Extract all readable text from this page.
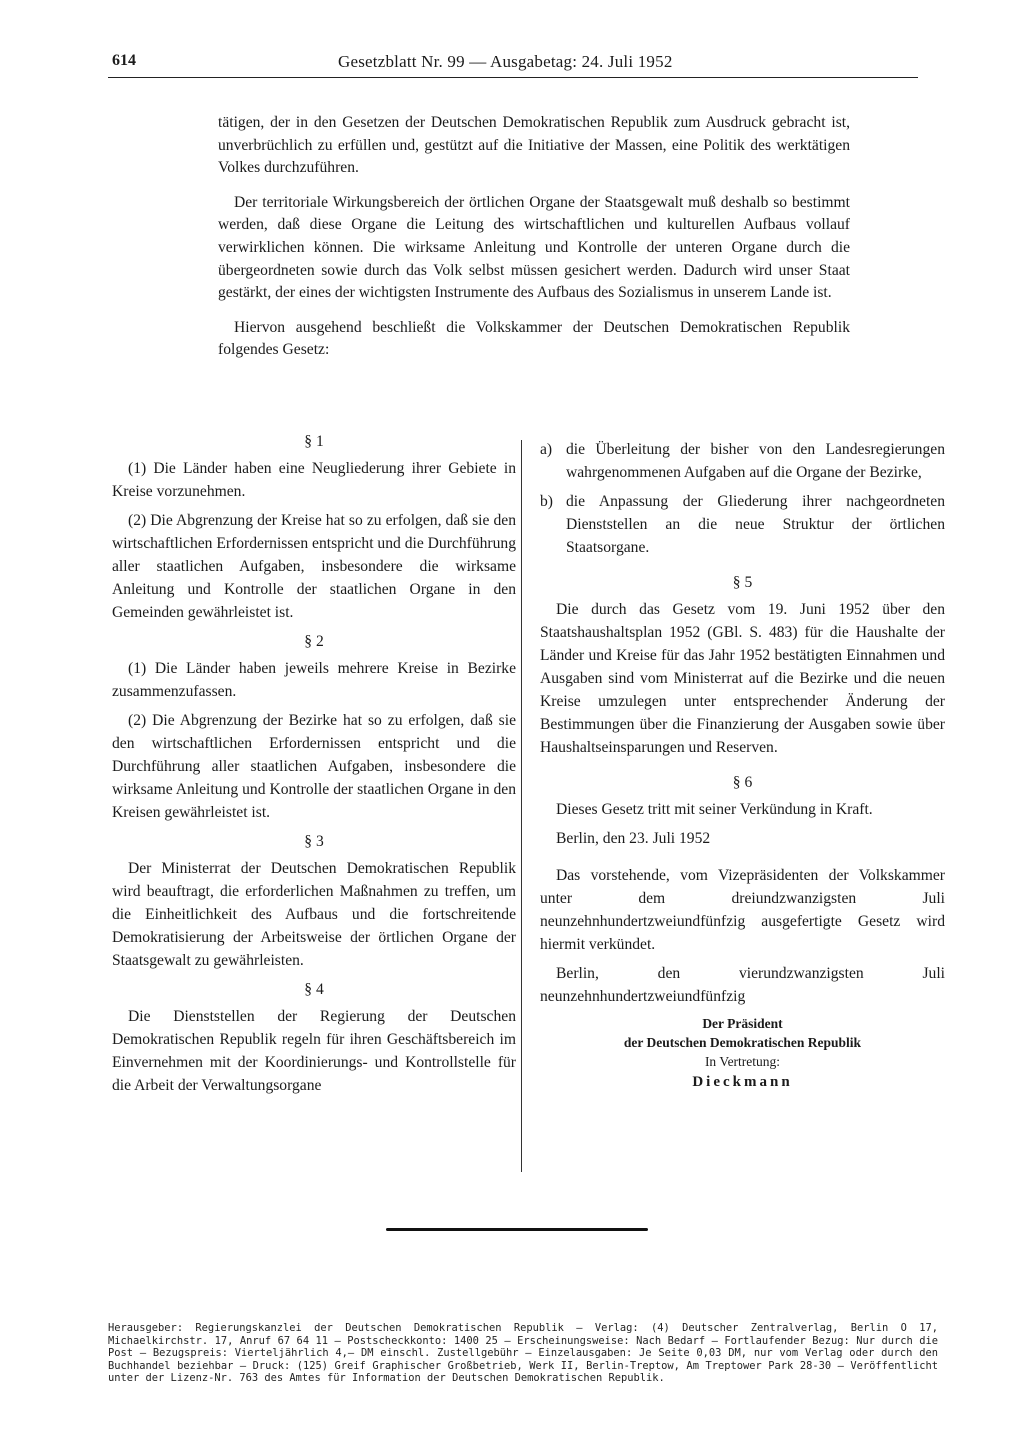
614	Gesetzblatt Nr. 99 — Ausgabetag: 24. Juli 1952

tätigen, der in den Gesetzen der Deutschen Demokratischen Republik zum Ausdruck gebracht ist, unverbrüchlich zu erfüllen und, gestützt auf die Initiative der Massen, eine Politik des werktätigen Volkes durchzuführen.

Der territoriale Wirkungsbereich der örtlichen Organe der Staatsgewalt muß deshalb so bestimmt werden, daß diese Organe die Leitung des wirtschaftlichen und kulturellen Aufbaus vollauf verwirklichen können. Die wirksame Anleitung und Kontrolle der unteren Organe durch die übergeordneten sowie durch das Volk selbst müssen gesichert werden. Dadurch wird unser Staat gestärkt, der eines der wichtigsten Instrumente des Aufbaus des Sozialismus in unserem Lande ist.

Hiervon ausgehend beschließt die Volkskammer der Deutschen Demokratischen Republik folgendes Gesetz:

§ 1

(1) Die Länder haben eine Neugliederung ihrer Gebiete in Kreise vorzunehmen.

(2) Die Abgrenzung der Kreise hat so zu erfolgen, daß sie den wirtschaftlichen Erfordernissen entspricht und die Durchführung aller staatlichen Aufgaben, insbesondere die wirksame Anleitung und Kontrolle der staatlichen Organe in den Gemeinden gewährleistet ist.

§ 2

(1) Die Länder haben jeweils mehrere Kreise in Bezirke zusammenzufassen.

(2) Die Abgrenzung der Bezirke hat so zu erfolgen, daß sie den wirtschaftlichen Erfordernissen entspricht und die Durchführung aller staatlichen Aufgaben, insbesondere die wirksame Anleitung und Kontrolle der staatlichen Organe in den Kreisen gewährleistet ist.

§ 3

Der Ministerrat der Deutschen Demokratischen Republik wird beauftragt, die erforderlichen Maßnahmen zu treffen, um die Einheitlichkeit des Aufbaus und die fortschreitende Demokratisierung der Arbeitsweise der örtlichen Organe der Staatsgewalt zu gewährleisten.

§ 4

Die Dienststellen der Regierung der Deutschen Demokratischen Republik regeln für ihren Geschäftsbereich im Einvernehmen mit der Koordinierungs- und Kontrollstelle für die Arbeit der Verwaltungsorgane

a) die Überleitung der bisher von den Landesregierungen wahrgenommenen Aufgaben auf die Organe der Bezirke,
b) die Anpassung der Gliederung ihrer nachgeordneten Dienststellen an die neue Struktur der örtlichen Staatsorgane.
§ 5

Die durch das Gesetz vom 19. Juni 1952 über den Staatshaushaltsplan 1952 (GBl. S. 483) für die Haushalte der Länder und Kreise für das Jahr 1952 bestätigten Einnahmen und Ausgaben sind vom Ministerrat auf die Bezirke und die neuen Kreise umzulegen unter entsprechender Änderung der Bestimmungen über die Finanzierung der Ausgaben sowie über Haushaltseinsparungen und Reserven.

§ 6

Dieses Gesetz tritt mit seiner Verkündung in Kraft.

Berlin, den 23. Juli 1952

Das vorstehende, vom Vizepräsidenten der Volkskammer unter dem dreiundzwanzigsten Juli neunzehnhundertzweiundfünfzig ausgefertigte Gesetz wird hiermit verkündet.

Berlin, den vierundzwanzigsten Juli neunzehnhundertzweiundfünfzig

Der Präsident
der Deutschen Demokratischen Republik
In Vertretung:
Dieckmann
Herausgeber: Regierungskanzlei der Deutschen Demokratischen Republik — Verlag: (4) Deutscher Zentralverlag, Berlin O 17, Michaelkirchstr. 17, Anruf 67 64 11 — Postscheckkonto: 1400 25 — Erscheinungsweise: Nach Bedarf — Fortlaufender Bezug: Nur durch die Post — Bezugspreis: Vierteljährlich 4,— DM einschl. Zustellgebühr — Einzelausgaben: Je Seite 0,03 DM, nur vom Verlag oder durch den Buchhandel beziehbar — Druck: (125) Greif Graphischer Großbetrieb, Werk II, Berlin-Treptow, Am Treptower Park 28-30 — Veröffentlicht unter der Lizenz-Nr. 763 des Amtes für Information der Deutschen Demokratischen Republik.
